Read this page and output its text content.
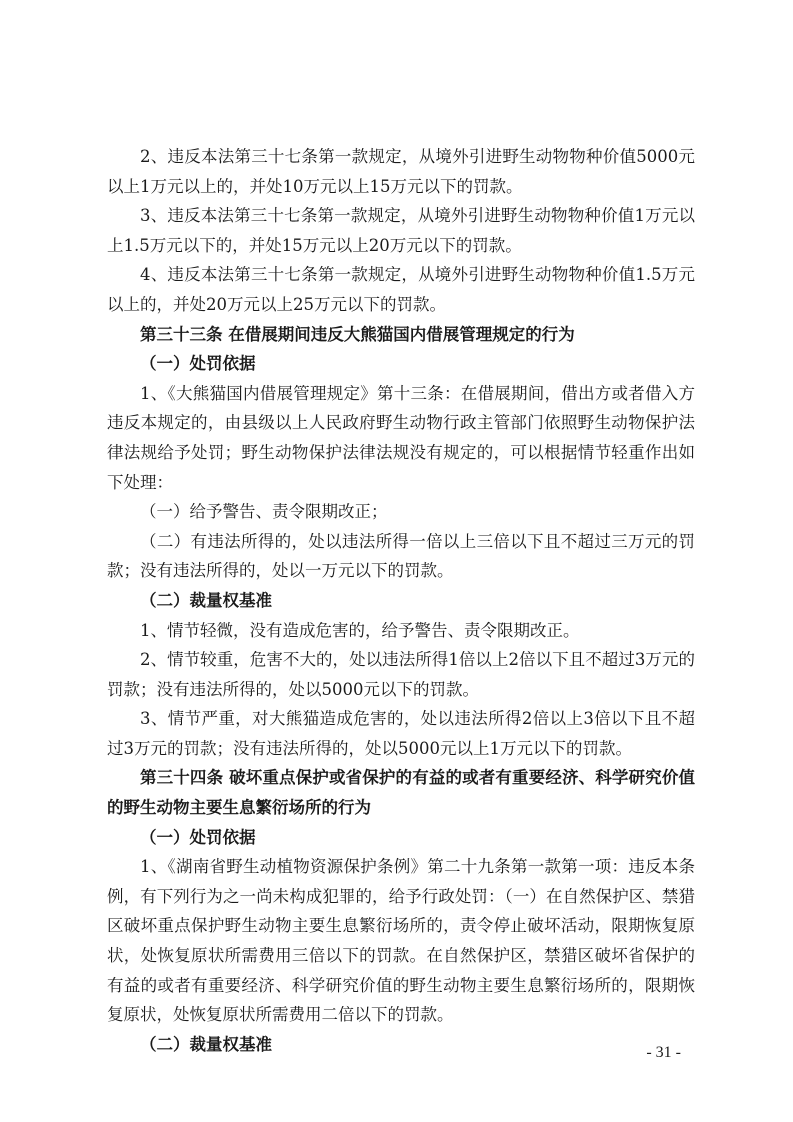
2、违反本法第三十七条第一款规定，从境外引进野生动物物种价值5000元以上1万元以上的，并处10万元以上15万元以下的罚款。

3、违反本法第三十七条第一款规定，从境外引进野生动物物种价值1万元以上1.5万元以下的，并处15万元以上20万元以下的罚款。

4、违反本法第三十七条第一款规定，从境外引进野生动物物种价值1.5万元以上的，并处20万元以上25万元以下的罚款。

第三十三条 在借展期间违反大熊猫国内借展管理规定的行为

（一）处罚依据

1、《大熊猫国内借展管理规定》第十三条：在借展期间，借出方或者借入方违反本规定的，由县级以上人民政府野生动物行政主管部门依照野生动物保护法律法规给予处罚；野生动物保护法律法规没有规定的，可以根据情节轻重作出如下处理：

（一）给予警告、责令限期改正；

（二）有违法所得的，处以违法所得一倍以上三倍以下且不超过三万元的罚款；没有违法所得的，处以一万元以下的罚款。

（二）裁量权基准

1、情节轻微，没有造成危害的，给予警告、责令限期改正。

2、情节较重，危害不大的，处以违法所得1倍以上2倍以下且不超过3万元的罚款；没有违法所得的，处以5000元以下的罚款。

3、情节严重，对大熊猫造成危害的，处以违法所得2倍以上3倍以下且不超过3万元的罚款；没有违法所得的，处以5000元以上1万元以下的罚款。

第三十四条 破坏重点保护或省保护的有益的或者有重要经济、科学研究价值的野生动物主要生息繁衍场所的行为

（一）处罚依据

1、《湖南省野生动植物资源保护条例》第二十九条第一款第一项：违反本条例，有下列行为之一尚未构成犯罪的，给予行政处罚：（一）在自然保护区、禁猎区破坏重点保护野生动物主要生息繁衍场所的，责令停止破坏活动，限期恢复原状，处恢复原状所需费用三倍以下的罚款。在自然保护区，禁猎区破坏省保护的有益的或者有重要经济、科学研究价值的野生动物主要生息繁衍场所的，限期恢复原状，处恢复原状所需费用二倍以下的罚款。

（二）裁量权基准	- 31 -
